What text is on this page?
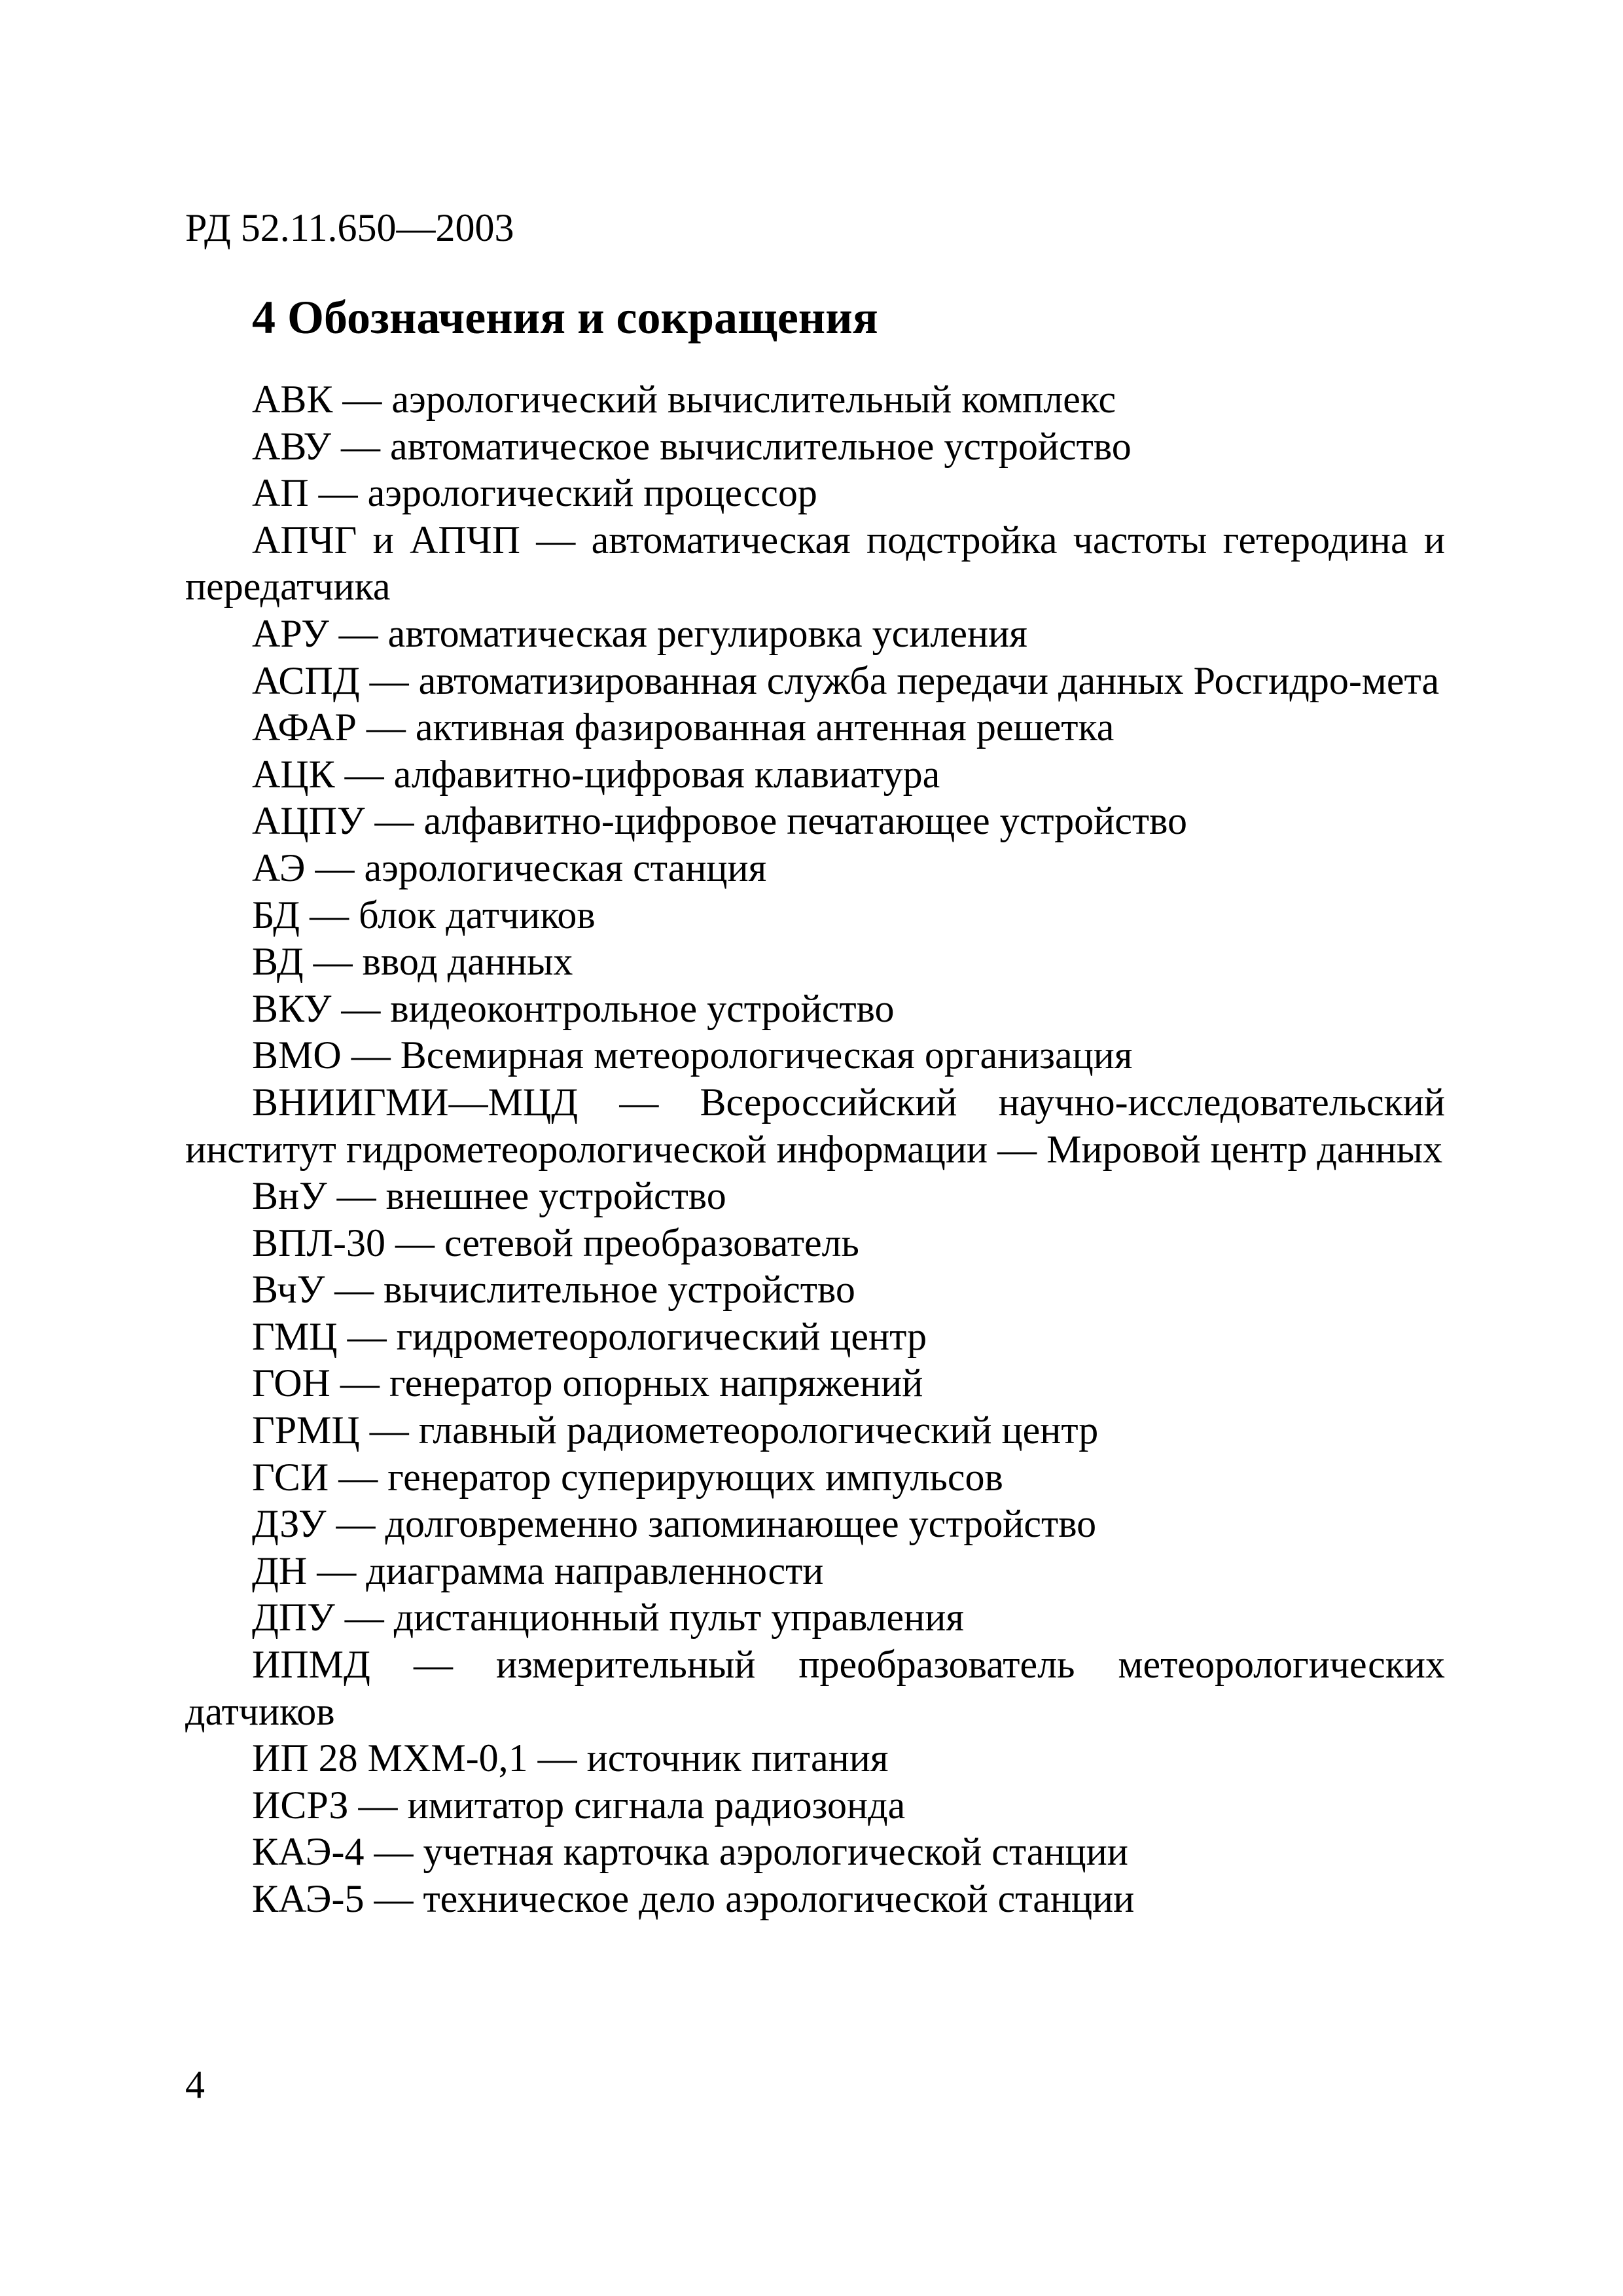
РД 52.11.650—2003
4 Обозначения и сокращения
АВК — аэрологический вычислительный комплекс
АВУ — автоматическое вычислительное устройство
АП — аэрологический процессор
АПЧГ и АПЧП — автоматическая подстройка частоты гетеродина и передатчика
АРУ — автоматическая регулировка усиления
АСПД — автоматизированная служба передачи данных Росгидро-мета
АФАР — активная фазированная антенная решетка
АЦК — алфавитно-цифровая клавиатура
АЦПУ — алфавитно-цифровое печатающее устройство
АЭ — аэрологическая станция
БД — блок датчиков
ВД — ввод данных
ВКУ — видеоконтрольное устройство
ВМО — Всемирная метеорологическая организация
ВНИИГМИ—МЦД — Всероссийский научно-исследовательский институт гидрометеорологической информации — Мировой центр данных
ВнУ — внешнее устройство
ВПЛ-30 — сетевой преобразователь
ВчУ — вычислительное устройство
ГМЦ — гидрометеорологический центр
ГОН — генератор опорных напряжений
ГРМЦ — главный радиометеорологический центр
ГСИ — генератор суперирующих импульсов
ДЗУ — долговременно запоминающее устройство
ДН — диаграмма направленности
ДПУ — дистанционный пульт управления
ИПМД — измерительный преобразователь метеорологических датчиков
ИП 28 МХМ-0,1 — источник питания
ИСРЗ — имитатор сигнала радиозонда
КАЭ-4 — учетная карточка аэрологической станции
КАЭ-5 — техническое дело аэрологической станции
4
